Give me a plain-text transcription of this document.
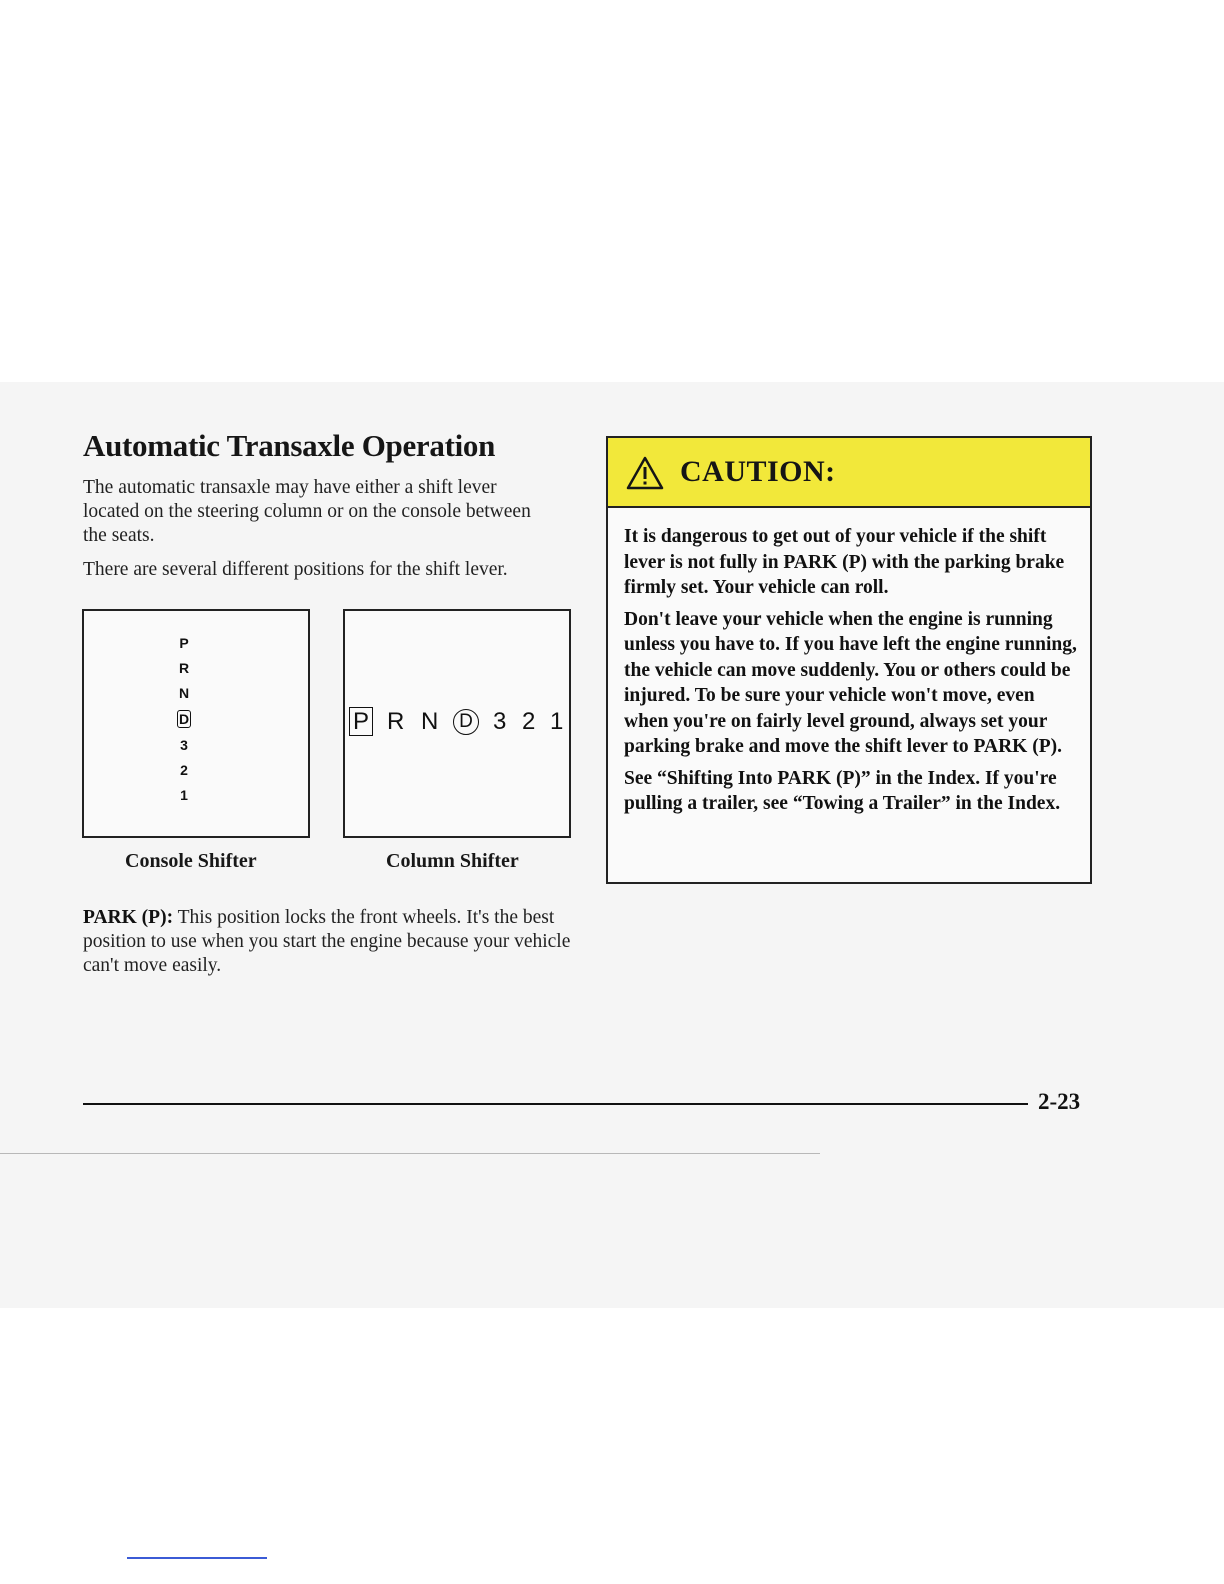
Automatic Transaxle Operation

The automatic transaxle may have either a shift lever located on the steering column or on the console between the seats.

There are several different positions for the shift lever.

P
R
N
D
3
2
1
P R N	D 3 2 1

Console Shifter	Column Shifter

PARK (P): This position locks the front wheels. It's the best position to use when you start the engine because your vehicle can't move easily.

CAUTION:

It is dangerous to get out of your vehicle if the shift lever is not fully in PARK (P) with the parking brake firmly set. Your vehicle can roll.

Don't leave your vehicle when the engine is running unless you have to. If you have left the engine running, the vehicle can move suddenly. You or others could be injured. To be sure your vehicle won't move, even when you're on fairly level ground, always set your parking brake and move the shift lever to PARK (P).

See “Shifting Into PARK (P)” in the Index. If you're pulling a trailer, see “Towing a Trailer” in the Index.

2-23
